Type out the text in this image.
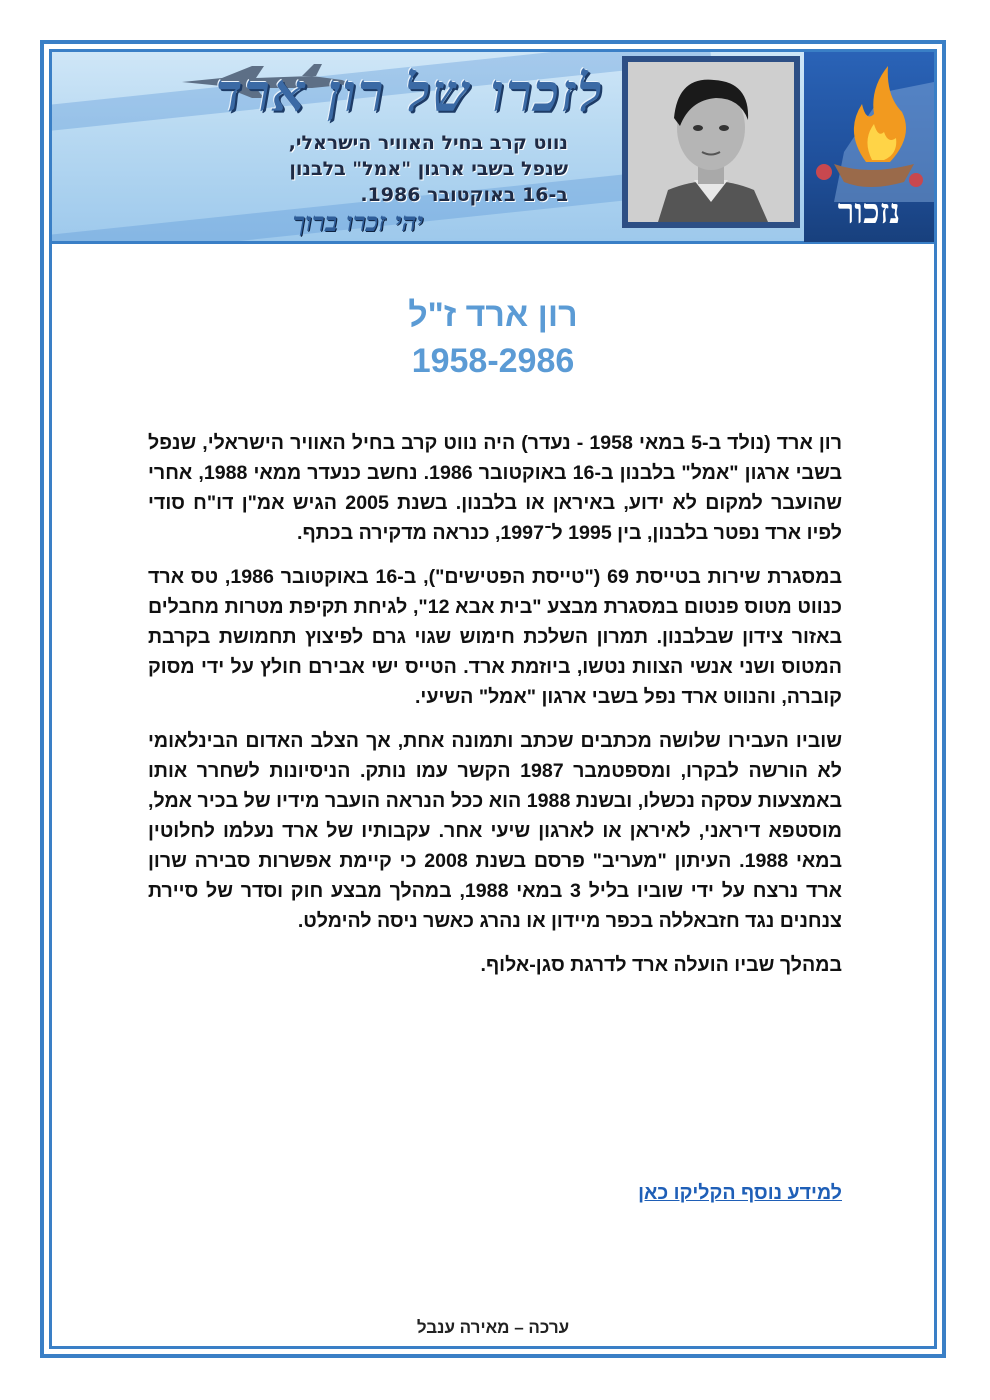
לזכרו של רון ארד
נווט קרב בחיל האוויר הישראלי,
שנפל בשבי ארגון "אמל" בלבנון
ב-16 באוקטובר 1986.
יהי זכרו ברוך	נזכור
רון ארד ז"ל
1958-2986

רון ארד (נולד ב-5 במאי 1958 - נעדר) היה נווט קרב בחיל האוויר הישראלי, שנפל בשבי ארגון "אמל" בלבנון ב-16 באוקטובר 1986. נחשב כנעדר ממאי 1988, אחרי שהועבר למקום לא ידוע, באיראן או בלבנון. בשנת 2005 הגיש אמ"ן דו"ח סודי לפיו ארד נפטר בלבנון, בין 1995 ל־1997, כנראה מדקירה בכתף.

במסגרת שירות בטייסת 69 ("טייסת הפטישים"), ב-16 באוקטובר 1986, טס ארד כנווט מטוס פנטום במסגרת מבצע "בית אבא 12", לגיחת תקיפת מטרות מחבלים באזור צידון שבלבנון. תמרון השלכת חימוש שגוי גרם לפיצוץ תחמושת בקרבת המטוס ושני אנשי הצוות נטשו, ביוזמת ארד. הטייס ישי אבירם חולץ על ידי מסוק קוברה, והנווט ארד נפל בשבי ארגון "אמל" השיעי.

שוביו העבירו שלושה מכתבים שכתב ותמונה אחת, אך הצלב האדום הבינלאומי לא הורשה לבקרו, ומספטמבר 1987 הקשר עמו נותק. הניסיונות לשחרר אותו באמצעות עסקה נכשלו, ובשנת 1988 הוא ככל הנראה הועבר מידיו של בכיר אמל, מוסטפא דיראני, לאיראן או לארגון שיעי אחר. עקבותיו של ארד נעלמו לחלוטין במאי 1988. העיתון "מעריב" פרסם בשנת 2008 כי קיימת אפשרות סבירה שרון ארד נרצח על ידי שוביו בליל 3 במאי 1988, במהלך מבצע חוק וסדר של סיירת צנחנים נגד חזבאללה בכפר מיידון או נהרג כאשר ניסה להימלט.

במהלך שביו הועלה ארד לדרגת סגן-אלוף.

למידע נוסף הקליקו כאן
ערכה – מאירה ענבל
